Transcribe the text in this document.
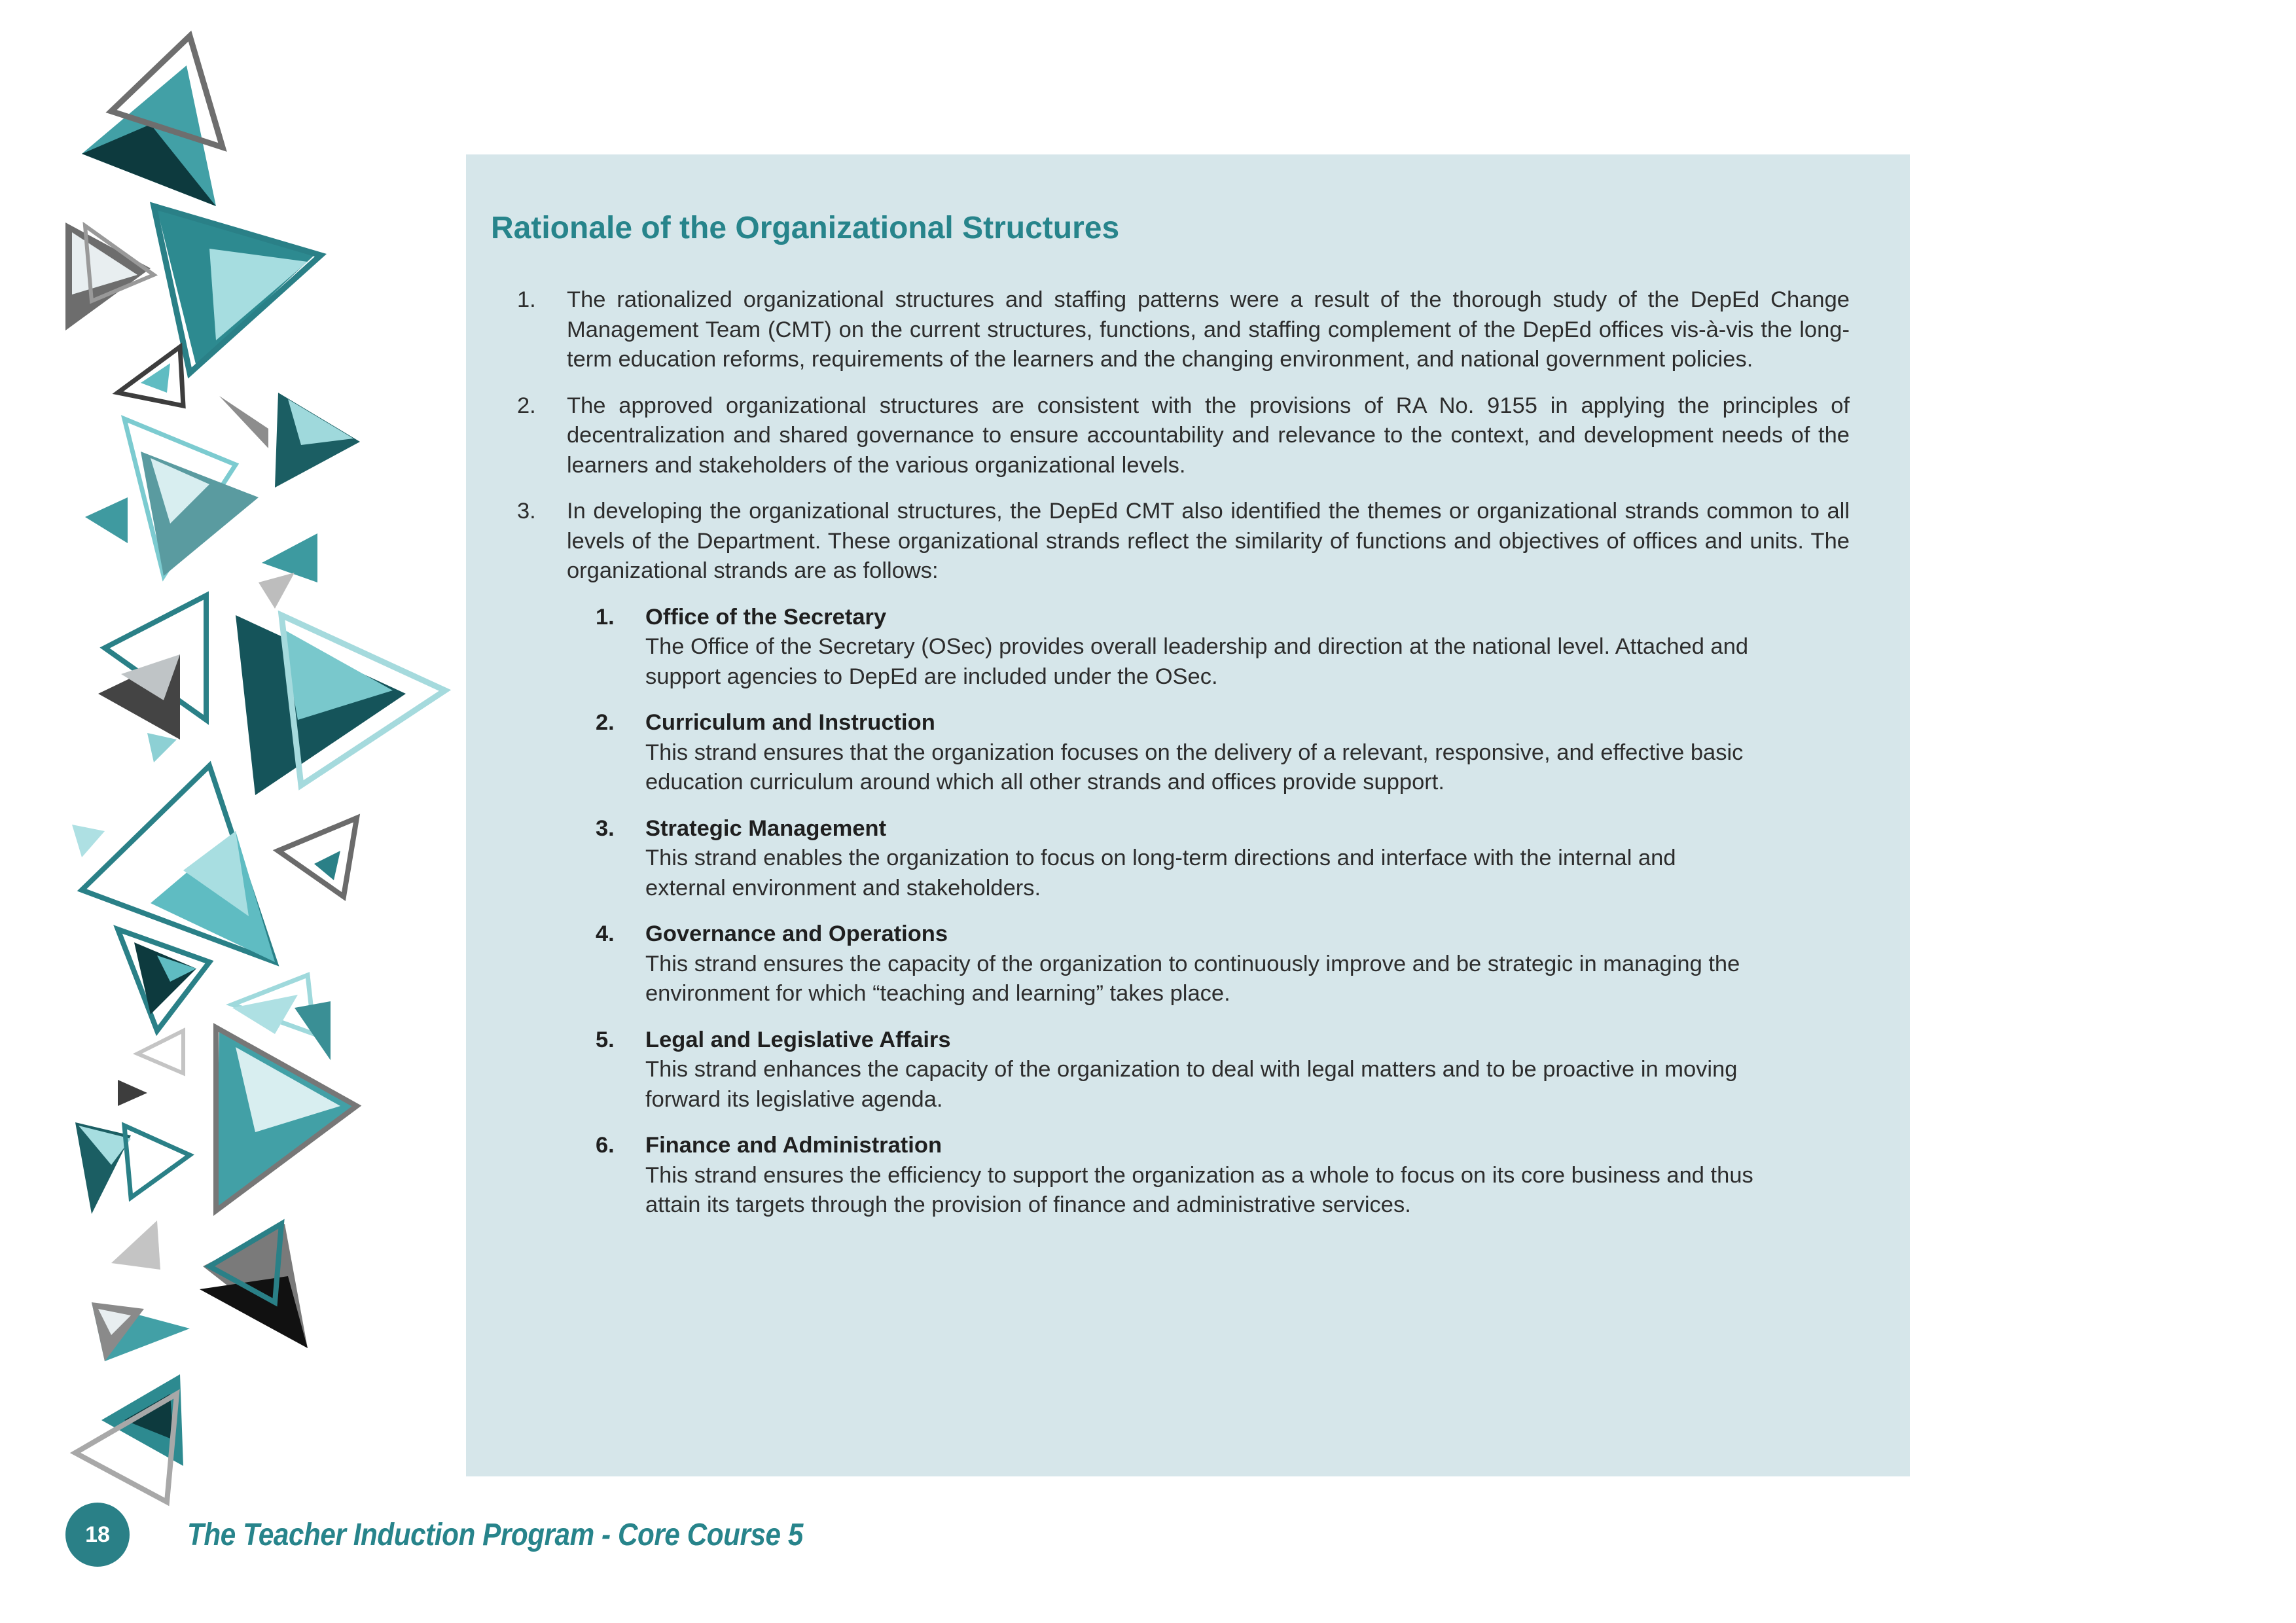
Rationale of the Organizational Structures
1. The rationalized organizational structures and staffing patterns were a result of the thorough study of the DepEd Change Management Team (CMT) on the current structures, functions, and staffing complement of the DepEd offices vis-à-vis the long-term education reforms, requirements of the learners and the changing environment, and national government policies.
2. The approved organizational structures are consistent with the provisions of RA No. 9155 in applying the principles of decentralization and shared governance to ensure accountability and relevance to the context, and development needs of the learners and stakeholders of the various organizational levels.
3. In developing the organizational structures, the DepEd CMT also identified the themes or organizational strands common to all levels of the Department. These organizational strands reflect the similarity of functions and objectives of offices and units. The organizational strands are as follows:
1. Office of the Secretary
The Office of the Secretary (OSec) provides overall leadership and direction at the national level. Attached and support agencies to DepEd are included under the OSec.
2. Curriculum and Instruction
This strand ensures that the organization focuses on the delivery of a relevant, responsive, and effective basic education curriculum around which all other strands and offices provide support.
3. Strategic Management
This strand enables the organization to focus on long-term directions and interface with the internal and external environment and stakeholders.
4. Governance and Operations
This strand ensures the capacity of the organization to continuously improve and be strategic in managing the environment for which “teaching and learning” takes place.
5. Legal and Legislative Affairs
This strand enhances the capacity of the organization to deal with legal matters and to be proactive in moving forward its legislative agenda.
6. Finance and Administration
This strand ensures the efficiency to support the organization as a whole to focus on its core business and thus attain its targets through the provision of finance and administrative services.
18	The Teacher Induction Program - Core Course 5
